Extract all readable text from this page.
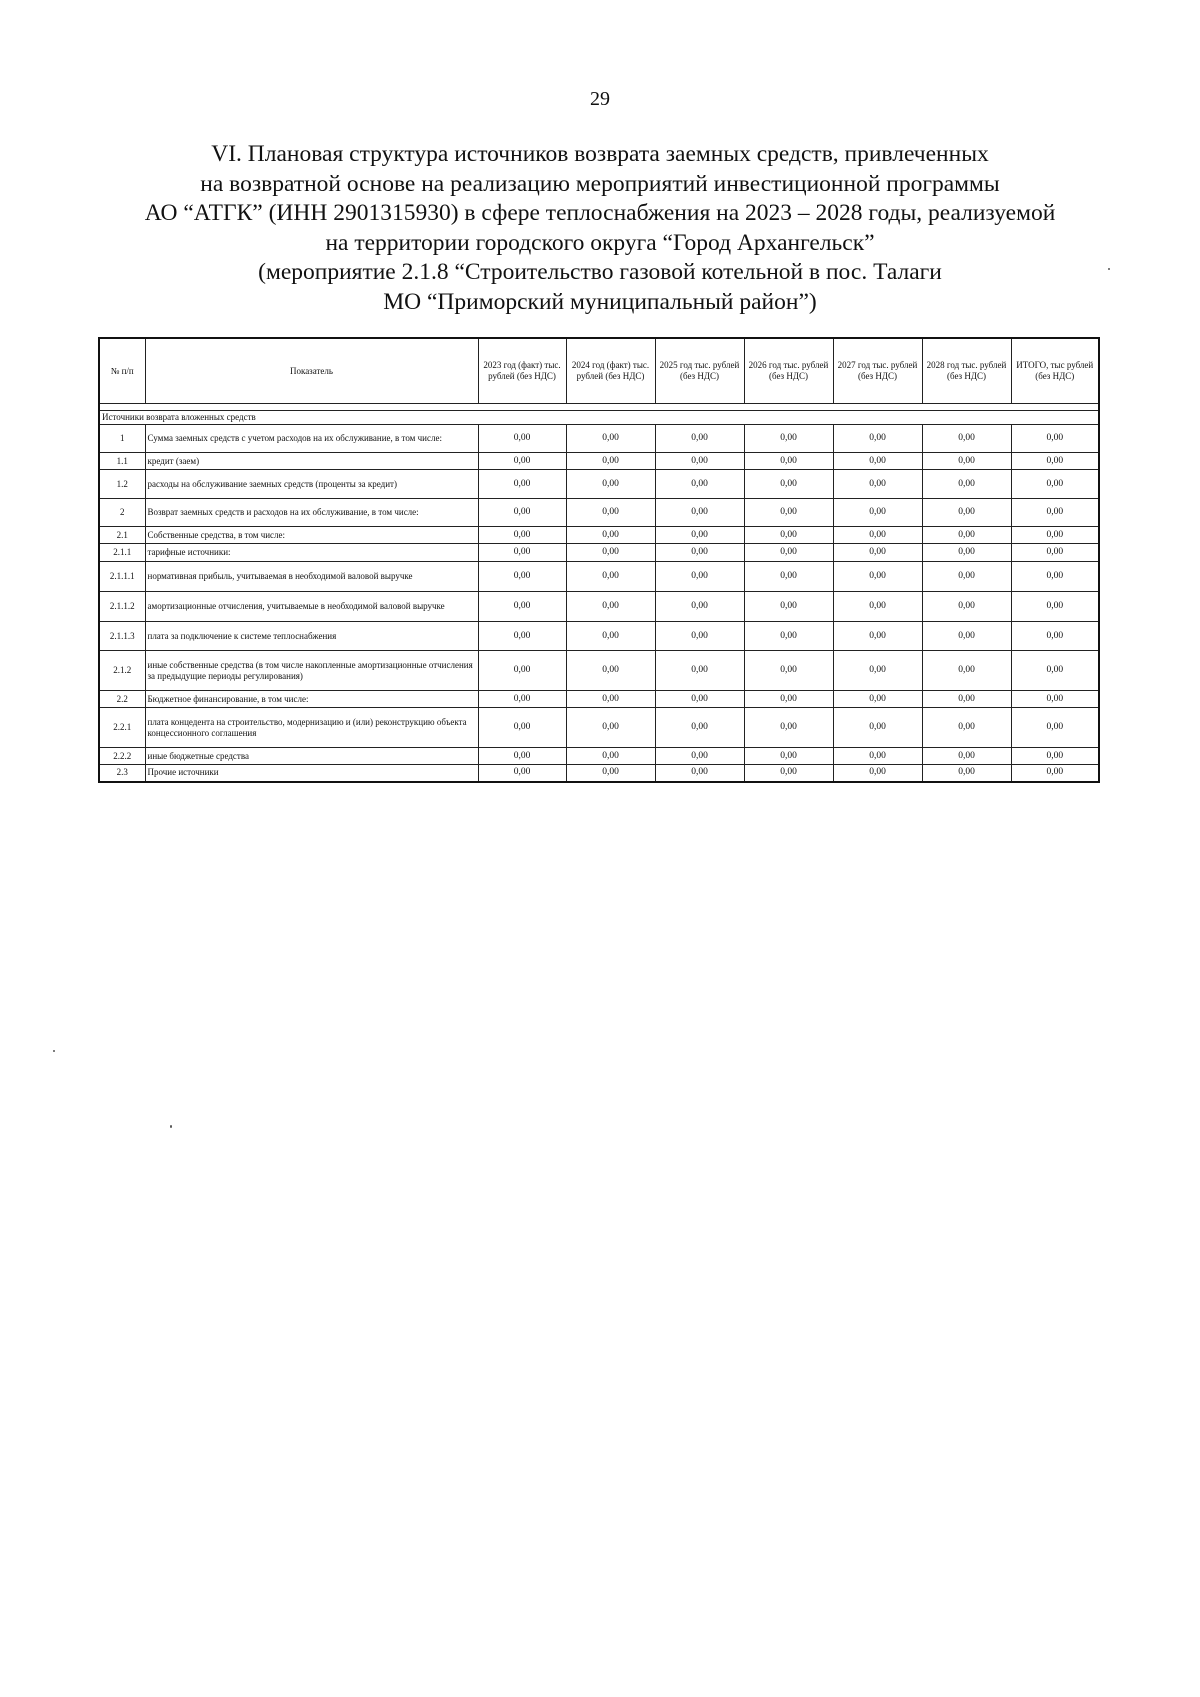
29
VI. Плановая структура источников возврата заемных средств, привлеченных
на возвратной основе на реализацию мероприятий инвестиционной программы
АО “АТГК” (ИНН 2901315930) в сфере теплоснабжения на 2023 – 2028 годы, реализуемой
на территории городского округа “Город Архангельск”
(мероприятие 2.1.8 “Строительство газовой котельной в пос. Талаги
МО “Приморский муниципальный район”)
№ п/п	Показатель	2023 год (факт) тыс. рублей (без НДС)	2024 год (факт) тыс. рублей (без НДС)	2025 год тыс. рублей (без НДС)	2026 год тыс. рублей (без НДС)	2027 год тыс. рублей (без НДС)	2028 год тыс. рублей (без НДС)	ИТОГО, тыс рублей (без НДС)

Источники возврата вложенных средств								
1	Сумма заемных средств с учетом расходов на их обслуживание, в том числе:	0,00	0,00	0,00	0,00	0,00	0,00	0,00
1.1	кредит (заем)	0,00	0,00	0,00	0,00	0,00	0,00	0,00
1.2	расходы на обслуживание заемных средств (проценты за кредит)	0,00	0,00	0,00	0,00	0,00	0,00	0,00
2	Возврат заемных средств и расходов на их обслуживание, в том числе:	0,00	0,00	0,00	0,00	0,00	0,00	0,00
2.1	Собственные средства, в том числе:	0,00	0,00	0,00	0,00	0,00	0,00	0,00
2.1.1	тарифные источники:	0,00	0,00	0,00	0,00	0,00	0,00	0,00
2.1.1.1	нормативная прибыль, учитываемая в необходимой валовой выручке	0,00	0,00	0,00	0,00	0,00	0,00	0,00
2.1.1.2	амортизационные отчисления, учитываемые в необходимой валовой выручке	0,00	0,00	0,00	0,00	0,00	0,00	0,00
2.1.1.3	плата за подключение к системе теплоснабжения	0,00	0,00	0,00	0,00	0,00	0,00	0,00
2.1.2	иные собственные средства (в том числе накопленные амортизационные отчисления за предыдущие периоды регулирования)	0,00	0,00	0,00	0,00	0,00	0,00	0,00
2.2	Бюджетное финансирование, в том числе:	0,00	0,00	0,00	0,00	0,00	0,00	0,00
2.2.1	плата концедента на строительство, модернизацию и (или) реконструкцию объекта концессионного соглашения	0,00	0,00	0,00	0,00	0,00	0,00	0,00
2.2.2	иные бюджетные средства	0,00	0,00	0,00	0,00	0,00	0,00	0,00
2.3	Прочие источники	0,00	0,00	0,00	0,00	0,00	0,00	0,00
